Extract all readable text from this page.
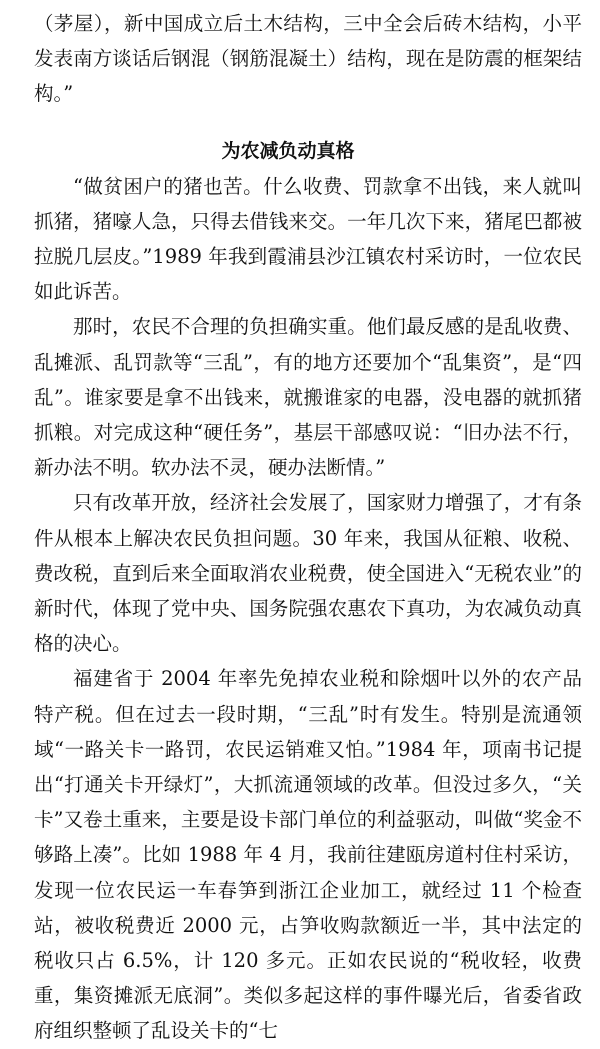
（茅屋），新中国成立后土木结构，三中全会后砖木结构，小平发表南方谈话后钢混（钢筋混凝土）结构，现在是防震的框架结构。”

为农减负动真格

“做贫困户的猪也苦。什么收费、罚款拿不出钱，来人就叫抓猪，猪嚎人急，只得去借钱来交。一年几次下来，猪尾巴都被拉脱几层皮。”1989 年我到霞浦县沙江镇农村采访时，一位农民如此诉苦。

那时，农民不合理的负担确实重。他们最反感的是乱收费、乱摊派、乱罚款等“三乱”，有的地方还要加个“乱集资”，是“四乱”。谁家要是拿不出钱来，就搬谁家的电器，没电器的就抓猪抓粮。对完成这种“硬任务”，基层干部感叹说：“旧办法不行，新办法不明。软办法不灵，硬办法断情。”

只有改革开放，经济社会发展了，国家财力增强了，才有条件从根本上解决农民负担问题。30 年来，我国从征粮、收税、费改税，直到后来全面取消农业税费，使全国进入“无税农业”的新时代，体现了党中央、国务院强农惠农下真功，为农减负动真格的决心。

福建省于 2004 年率先免掉农业税和除烟叶以外的农产品特产税。但在过去一段时期，“三乱”时有发生。特别是流通领域“一路关卡一路罚，农民运销难又怕。”1984 年，项南书记提出“打通关卡开绿灯”，大抓流通领域的改革。但没过多久，“关卡”又卷土重来，主要是设卡部门单位的利益驱动，叫做“奖金不够路上凑”。比如 1988 年 4 月，我前往建瓯房道村住村采访，发现一位农民运一车春笋到浙江企业加工，就经过 11 个检查站，被收税费近 2000 元，占笋收购款额近一半，其中法定的税收只占 6.5%，计 120 多元。正如农民说的“税收轻，收费重，集资摊派无底洞”。类似多起这样的事件曝光后，省委省政府组织整顿了乱设关卡的“七
